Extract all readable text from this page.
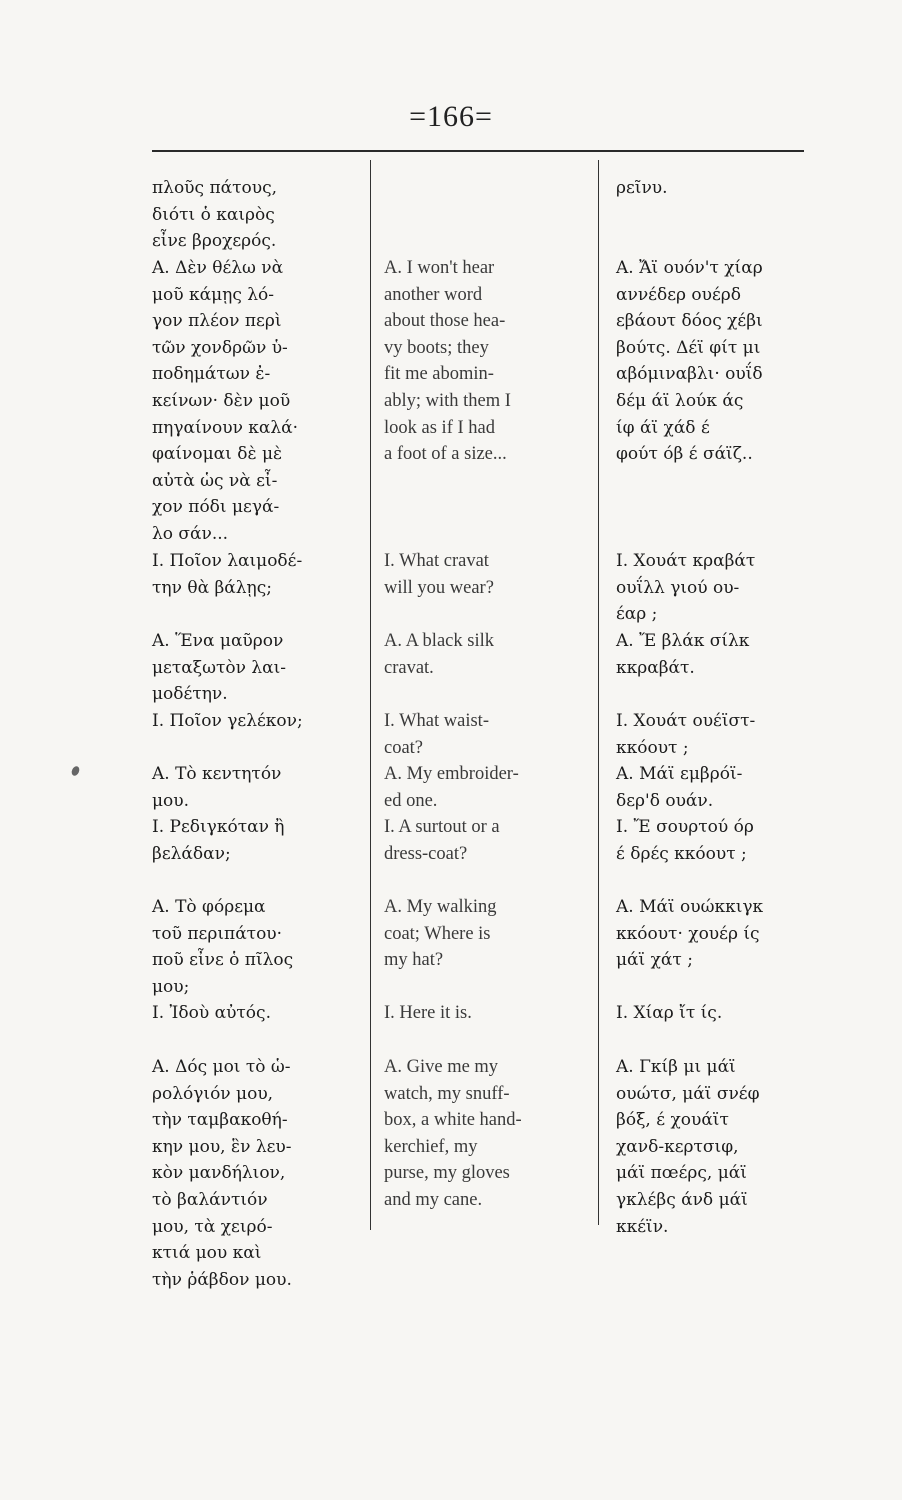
=166=
πλοῦς πάτους,
διότι ὁ καιρὸς
εἶνε βροχερός.
Α. Δὲν θέλω νὰ
μοῦ κάμῃς λό-
γον πλέον περὶ
τῶν χονδρῶν ὑ-
ποδημάτων ἐ-
κείνων· δὲν μοῦ
πηγαίνουν καλά·
φαίνομαι δὲ μὲ
αὐτὰ ὡς νὰ εἶ-
χον πόδι μεγά-
λο σάν...
Ι. Ποῖον λαιμοδέ-
την θὰ βάλῃς;
Α. Ἕνα μαῦρον
μεταξωτὸν λαι-
μοδέτην.
Ι. Ποῖον γελέκον;
Α. Τὸ κεντητόν
μου.
Ι. Ρεδιγκόταν ἢ
βελάδαν;
Α. Τὸ φόρεμα
τοῦ περιπάτου·
ποῦ εἶνε ὁ πῖλος
μου;
Ι. Ἰδοὺ αὐτός.
Α. Δός μοι τὸ ὡ-
ρολόγιόν μου,
τὴν ταμβακοθή-
κην μου, ἓν λευ-
κὸν μανδήλιον,
τὸ βαλάντιόν
μου, τὰ χειρό-
κτιά μου καὶ
τὴν ῥάβδον μου.
A. I won't hear
another word
about those hea-
vy boots; they
fit me abomin-
ably; with them I
look as if I had
a foot of a size...
I. What cravat
will you wear?
A. A black silk
cravat.
I. What waist-
coat?
A. My embroider-
ed one.
I. A surtout or a
dress-coat?
A. My walking
coat; Where is
my hat?
I. Here it is.
A. Give me my
watch, my snuff-
box, a white hand-
kerchief, my
purse, my gloves
and my cane.
ρεῖνυ.
Α. Ἄϊ ουόν'τ χίαρ
αννέδερ ουέρδ
εβάουτ δόος χέβι
βούτς. Δέϊ φίτ μι
αβόμιναβλι· ουΐδ
δέμ άϊ λούκ άς
ίφ άϊ χάδ έ
φούτ όβ έ σάϊζ..
Ι. Χουάτ κραβάτ
ουΐλλ γιού ου-
έαρ ;
Α. Ἔ βλάκ σίλκ
κκραβάτ.
Ι. Χουάτ ουέϊστ-
κκόουτ ;
Α. Μάϊ εμβρόϊ-
δερ'δ ουάν.
Ι. Ἔ σουρτού όρ
έ δρές κκόουτ ;
Α. Μάϊ ουώκκιγκ
κκόουτ· χουέρ ίς
μάϊ χάτ ;
Ι. Χίαρ ἴτ ίς.
Α. Γκίβ μι μάϊ
ουώτσ, μάϊ σνέφ
βόξ, έ χουάϊτ
χανδ-κερτσιφ,
μάϊ πœέρς, μάϊ
γκλέβς άνδ μάϊ
κκέϊν.
